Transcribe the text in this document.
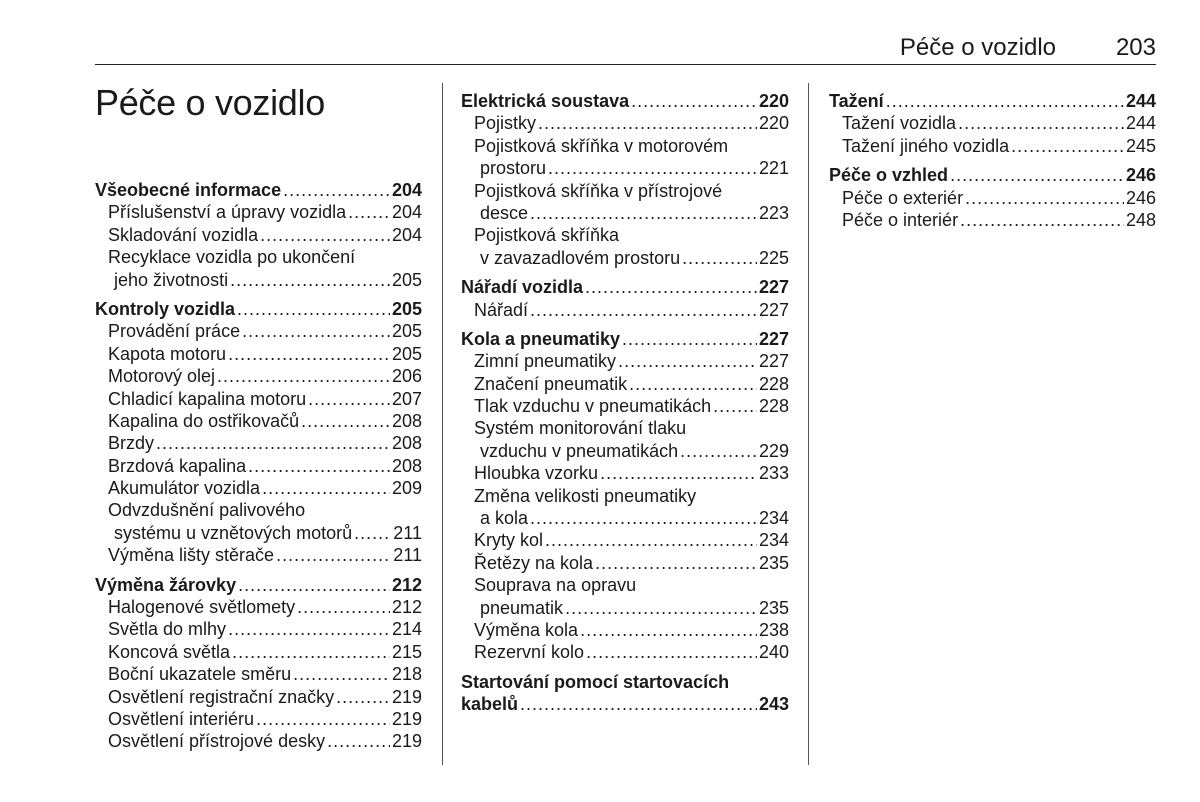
Péče o vozidlo 203
Péče o vozidlo
Všeobecné informace .....	204
Příslušenství a úpravy vozidla .....	204
Skladování vozidla .....	204
Recyklace vozidla po ukončení
jeho životnosti .....	205
Kontroly vozidla .....	205
Provádění práce .....	205
Kapota motoru .....	205
Motorový olej .....	206
Chladicí kapalina motoru .....	207
Kapalina do ostřikovačů .....	208
Brzdy .....	208
Brzdová kapalina .....	208
Akumulátor vozidla .....	209
Odvzdušnění palivového
systému u vznětových motorů ..... 211
Výměna lišty stěrače .....	211
Výměna žárovky .....	212
Halogenové světlomety .....	212
Světla do mlhy .....	214
Koncová světla .....	215
Boční ukazatele směru .....	218
Osvětlení registrační značky .....	219
Osvětlení interiéru .....	219
Osvětlení přístrojové desky .....	219
Elektrická soustava .....	220
Pojistky .....	220
Pojistková skříňka v motorovém
prostoru .....	221
Pojistková skříňka v přístrojové
desce .....	223
Pojistková skříňka
v zavazadlovém prostoru .....	225
Nářadí vozidla .....	227
Nářadí .....	227
Kola a pneumatiky .....	227
Zimní pneumatiky .....	227
Značení pneumatik .....	228
Tlak vzduchu v pneumatikách .....	228
Systém monitorování tlaku
vzduchu v pneumatikách .....	229
Hloubka vzorku .....	233
Změna velikosti pneumatiky
a kola .....	234
Kryty kol .....	234
Řetězy na kola .....	235
Souprava na opravu
pneumatik .....	235
Výměna kola .....	238
Rezervní kolo .....	240
Startování pomocí startovacích
kabelů .....	243
Tažení .....	244
Tažení vozidla .....	244
Tažení jiného vozidla .....	245
Péče o vzhled .....	246
Péče o exteriér .....	246
Péče o interiér .....	248
